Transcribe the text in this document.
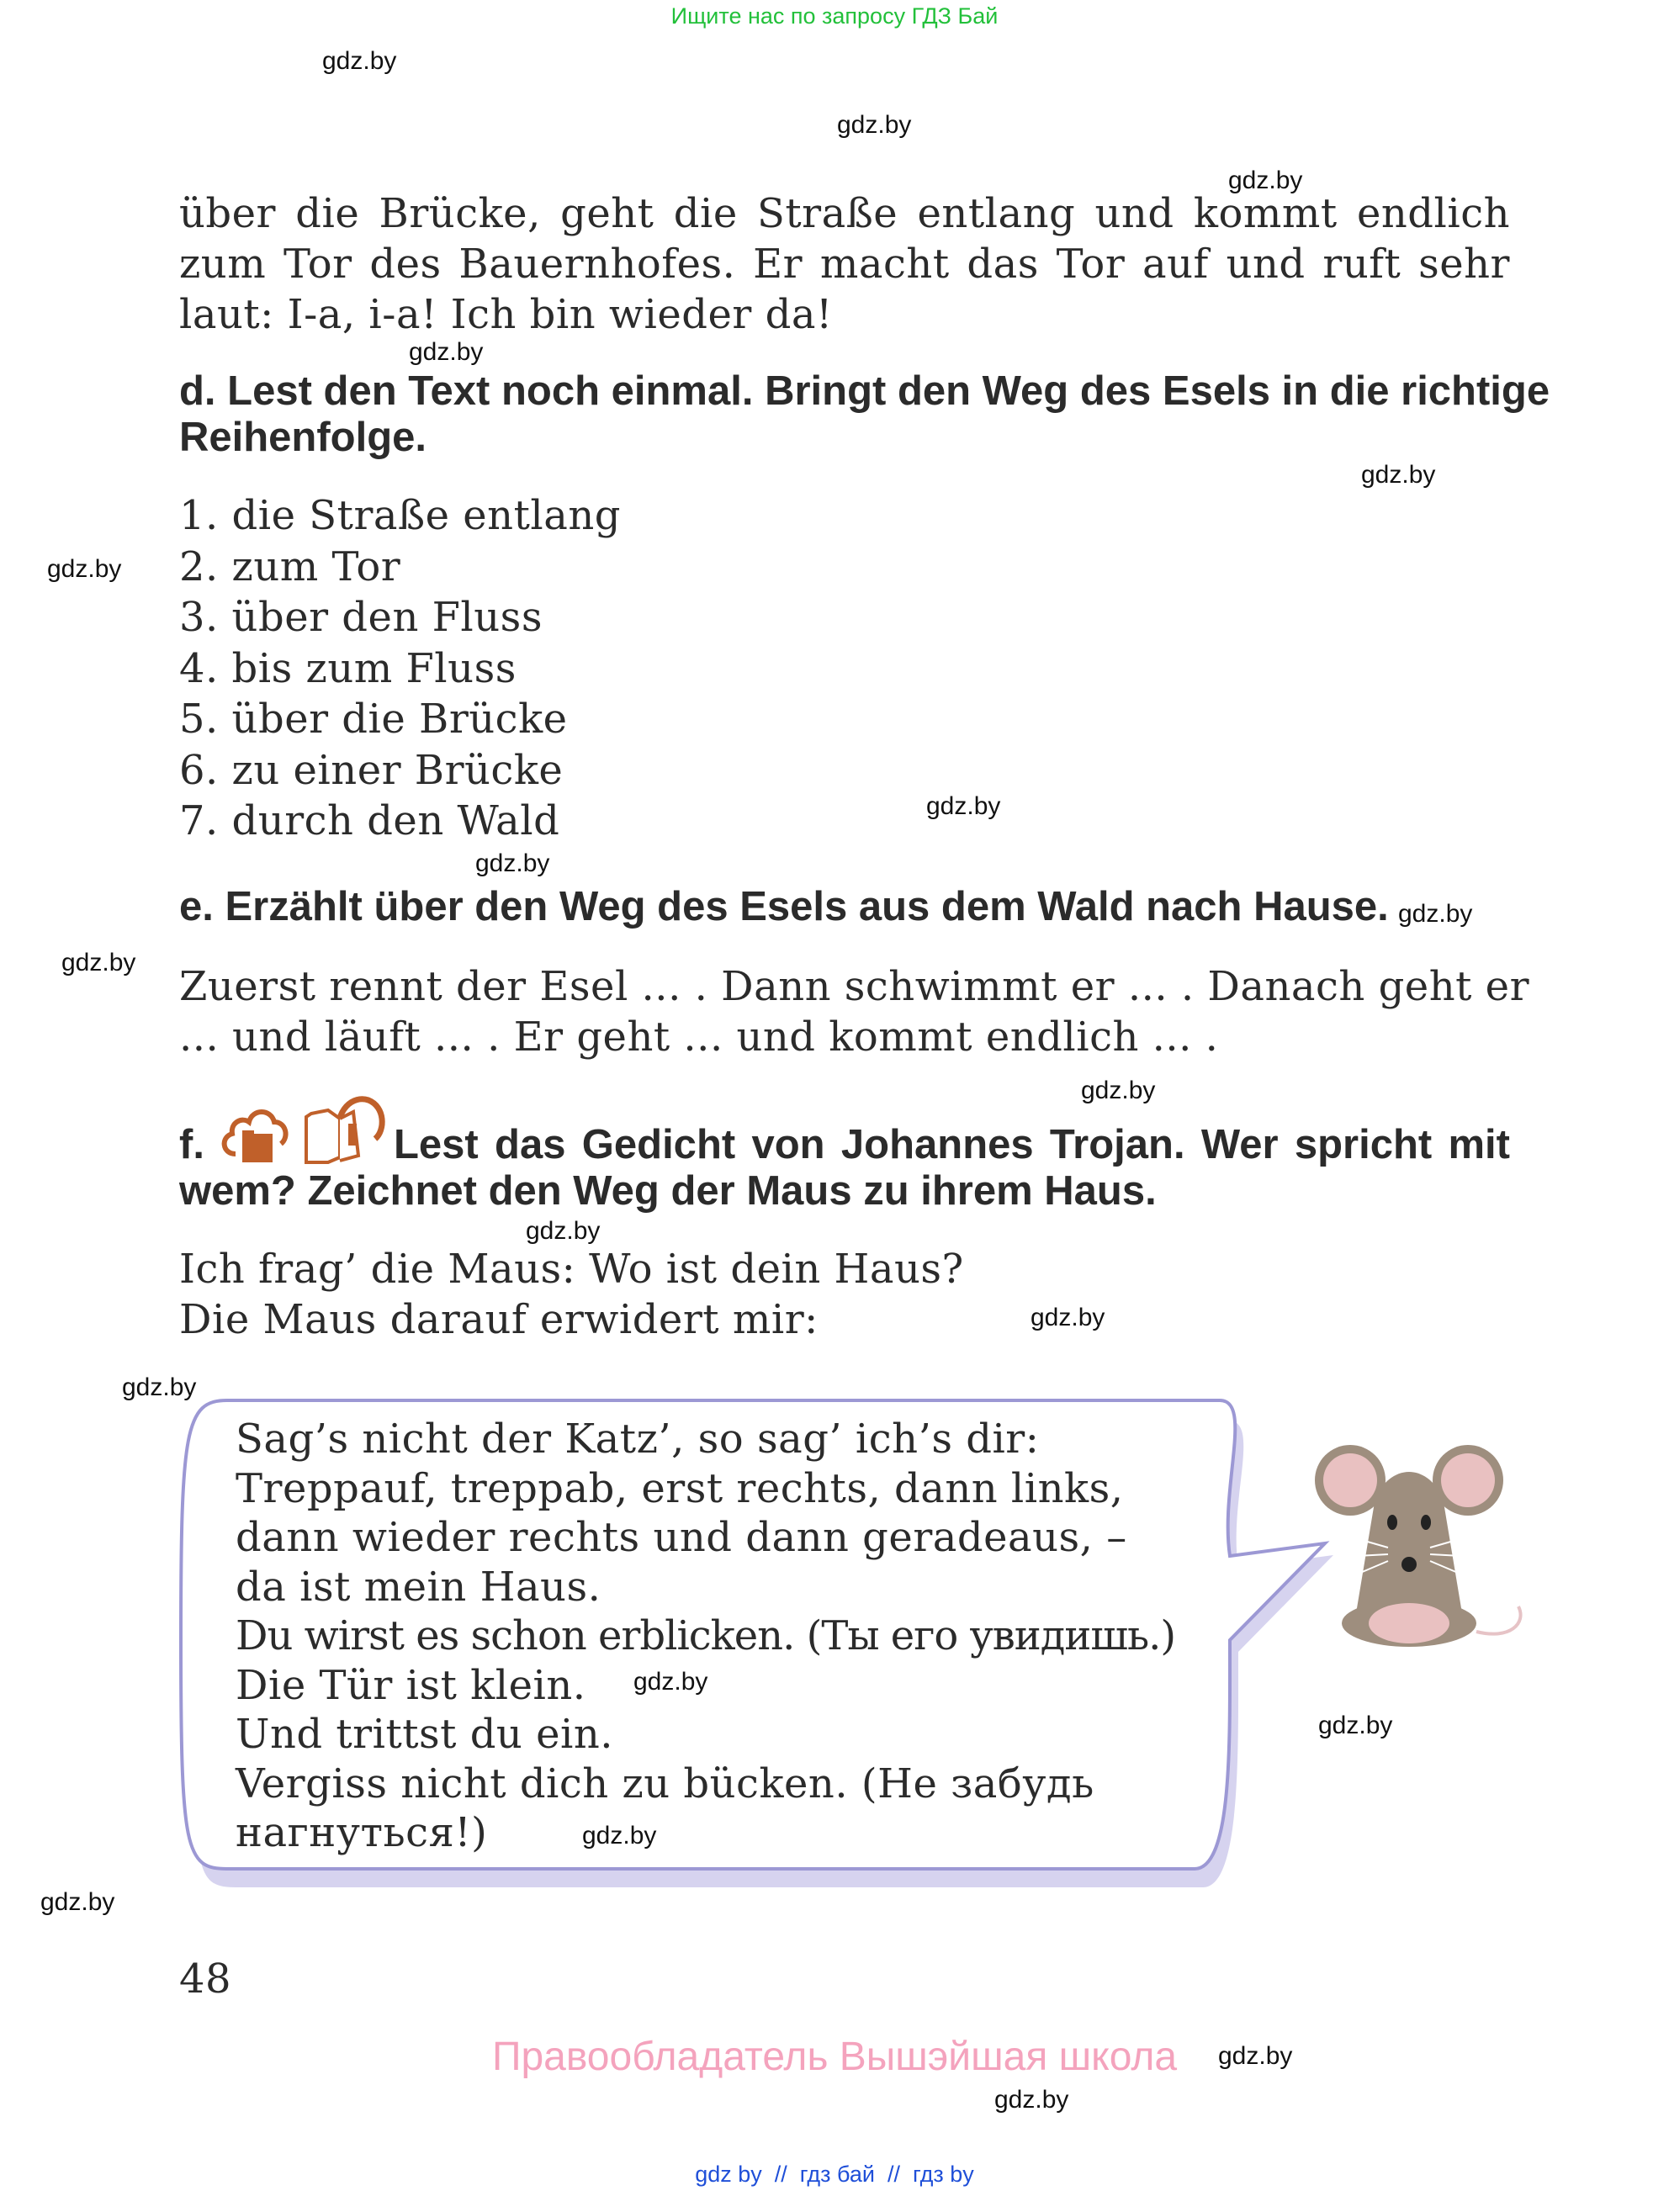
Ищите нас по запросу ГДЗ Бай
über die Brücke, geht die Straße entlang und kommt endlich
zum Tor des Bauernhofes. Er macht das Tor auf und ruft sehr
laut: I-a, i-a! Ich bin wieder da!
d. Lest den Text noch einmal. Bringt den Weg des Esels in die richtige
Reihenfolge.
1. die Straße entlang
2. zum Tor
3. über den Fluss
4. bis zum Fluss
5. über die Brücke
6. zu einer Brücke
7. durch den Wald
e. Erzählt über den Weg des Esels aus dem Wald nach Hause.
Zuerst rennt der Esel ... . Dann schwimmt er ... . Danach geht er
... und läuft ... . Er geht ... und kommt endlich ... .
f.	Lest das Gedicht von Johannes Trojan. Wer spricht mit
wem? Zeichnet den Weg der Maus zu ihrem Haus.
Ich frag’ die Maus: Wo ist dein Haus?
Die Maus darauf erwidert mir:
Sag’s nicht der Katz’, so sag’ ich’s dir:
Treppauf, treppab, erst rechts, dann links,
dann wieder rechts und dann geradeaus, –
da ist mein Haus.
Du wirst es schon erblicken. (Ты его увидишь.)
Die Tür ist klein.
Und trittst du ein.
Vergiss nicht dich zu bücken. (Не забудь
нагнуться!)
48
Правообладатель Вышэйшая школа
gdz by  //  гдз бай  //  гдз by
gdz.by
gdz.by
gdz.by
gdz.by
gdz.by
gdz.by
gdz.by
gdz.by
gdz.by
gdz.by
gdz.by
gdz.by
gdz.by
gdz.by
gdz.by
gdz.by
gdz.by
gdz.by
gdz.by
gdz.by
